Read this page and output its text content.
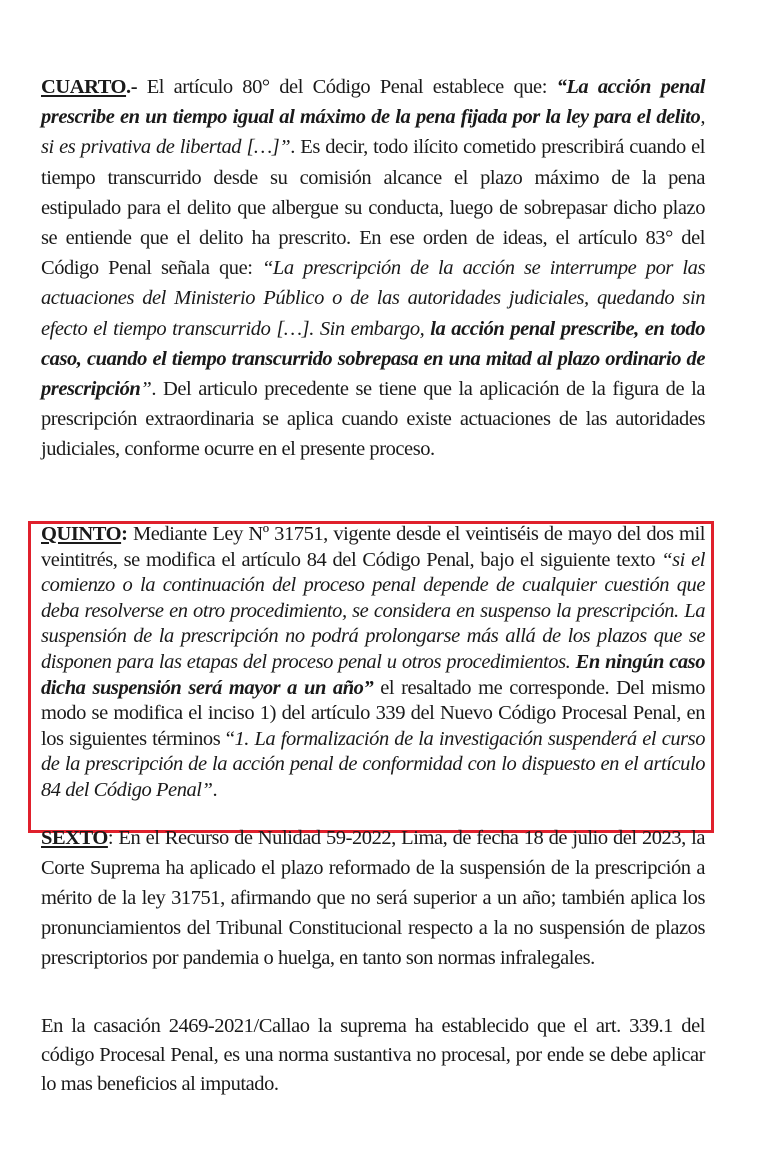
CUARTO.- El artículo 80° del Código Penal establece que: “La acción penal prescribe en un tiempo igual al máximo de la pena fijada por la ley para el delito, si es privativa de libertad […]”. Es decir, todo ilícito cometido prescribirá cuando el tiempo transcurrido desde su comisión alcance el plazo máximo de la pena estipulado para el delito que albergue su conducta, luego de sobrepasar dicho plazo se entiende que el delito ha prescrito. En ese orden de ideas, el artículo 83° del Código Penal señala que: “La prescripción de la acción se interrumpe por las actuaciones del Ministerio Público o de las autoridades judiciales, quedando sin efecto el tiempo transcurrido […]. Sin embargo, la acción penal prescribe, en todo caso, cuando el tiempo transcurrido sobrepasa en una mitad al plazo ordinario de prescripción”. Del articulo precedente se tiene que la aplicación de la figura de la prescripción extraordinaria se aplica cuando existe actuaciones de las autoridades judiciales, conforme ocurre en el presente proceso.
QUINTO: Mediante Ley Nº 31751, vigente desde el veintiséis de mayo del dos mil veintitrés, se modifica el artículo 84 del Código Penal, bajo el siguiente texto “si el comienzo o la continuación del proceso penal depende de cualquier cuestión que deba resolverse en otro procedimiento, se considera en suspenso la prescripción. La suspensión de la prescripción no podrá prolongarse más allá de los plazos que se disponen para las etapas del proceso penal u otros procedimientos. En ningún caso dicha suspensión será mayor a un año” el resaltado me corresponde. Del mismo modo se modifica el inciso 1) del artículo 339 del Nuevo Código Procesal Penal, en los siguientes términos “1. La formalización de la investigación suspenderá el curso de la prescripción de la acción penal de conformidad con lo dispuesto en el artículo 84 del Código Penal”.
SEXTO: En el Recurso de Nulidad 59-2022, Lima, de fecha 18 de julio del 2023, la Corte Suprema ha aplicado el plazo reformado de la suspensión de la prescripción a mérito de la ley 31751, afirmando que no será superior a un año; también aplica los pronunciamientos del Tribunal Constitucional respecto a la no suspensión de plazos prescriptorios por pandemia o huelga, en tanto son normas infralegales.
En la casación 2469-2021/Callao la suprema ha establecido que el art. 339.1 del código Procesal Penal, es una norma sustantiva no procesal, por ende se debe aplicar lo mas beneficios al imputado.
